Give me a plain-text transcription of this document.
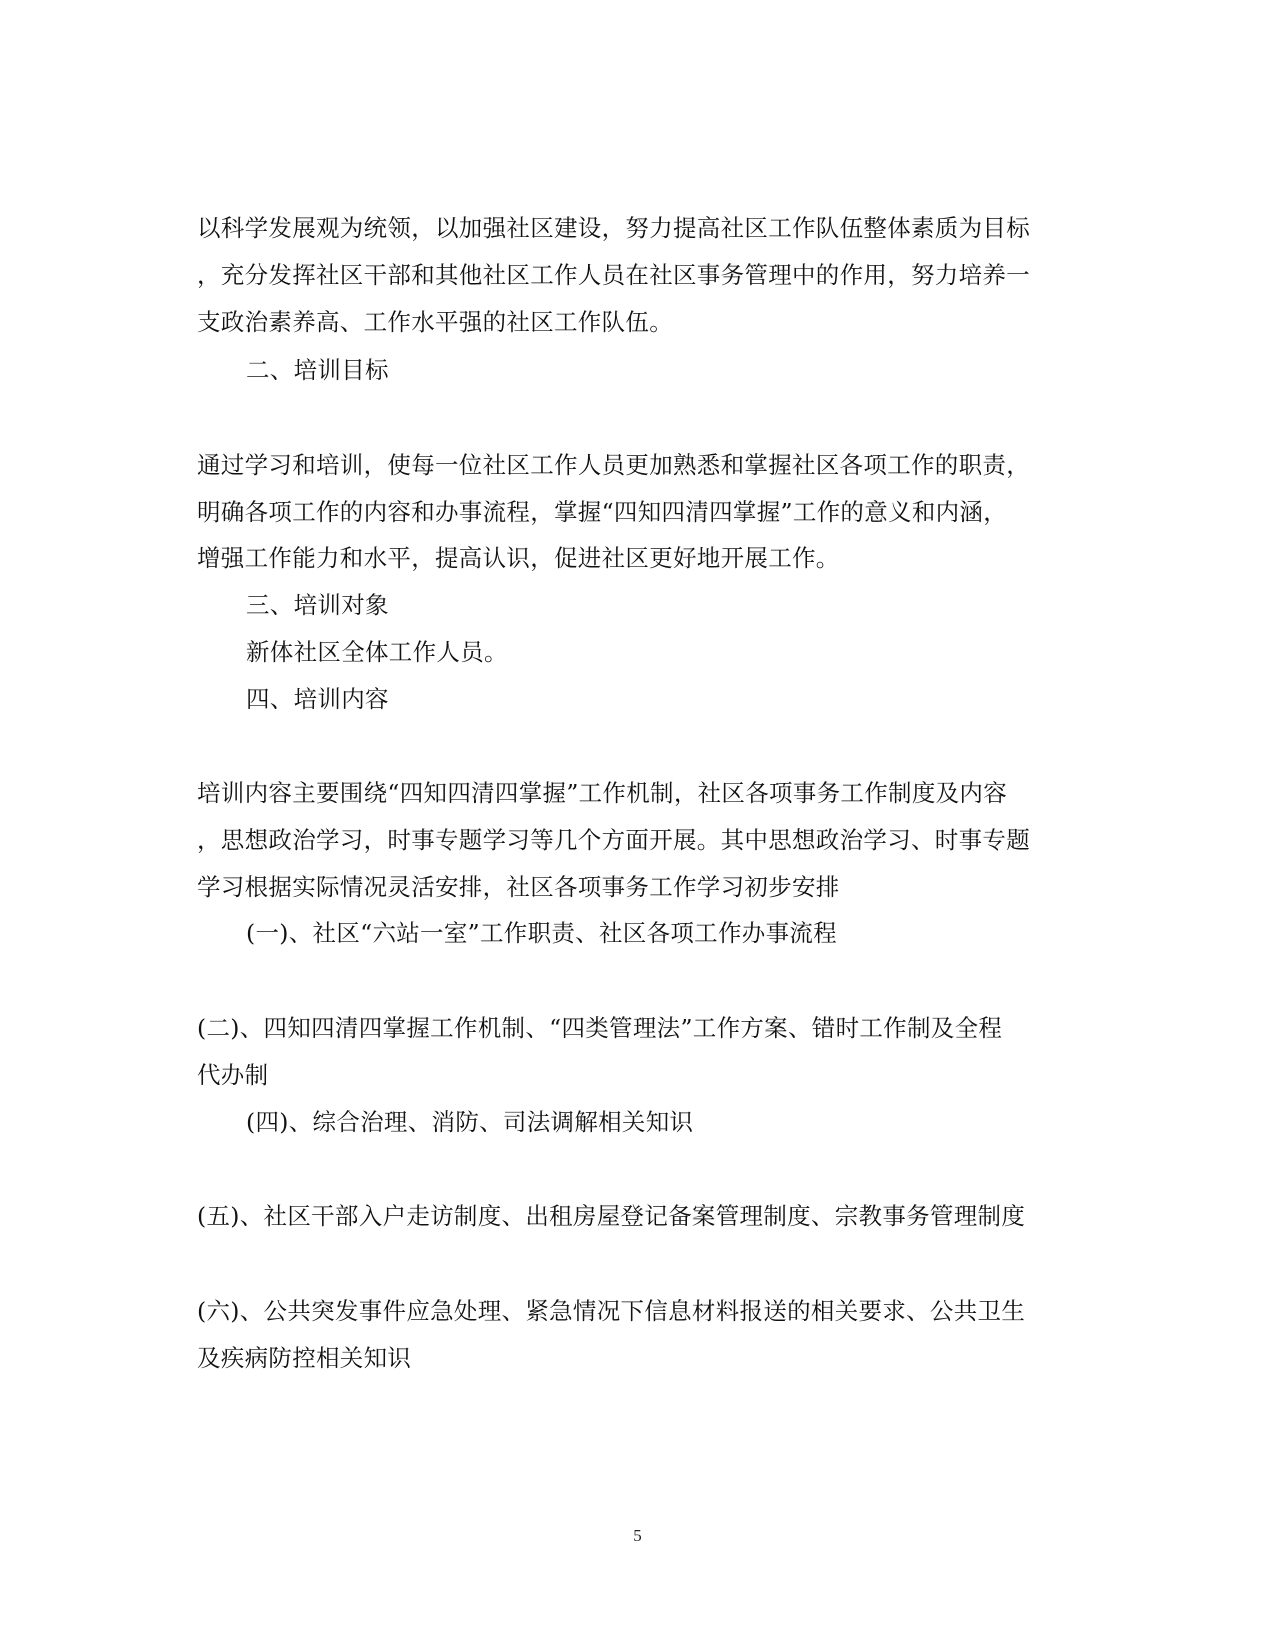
以科学发展观为统领，以加强社区建设，努力提高社区工作队伍整体素质为目标
，充分发挥社区干部和其他社区工作人员在社区事务管理中的作用，努力培养一
支政治素养高、工作水平强的社区工作队伍。
二、培训目标
通过学习和培训，使每一位社区工作人员更加熟悉和掌握社区各项工作的职责，
明确各项工作的内容和办事流程，掌握“四知四清四掌握”工作的意义和内涵，
增强工作能力和水平，提高认识，促进社区更好地开展工作。
三、培训对象
新体社区全体工作人员。
四、培训内容
培训内容主要围绕“四知四清四掌握”工作机制，社区各项事务工作制度及内容
，思想政治学习，时事专题学习等几个方面开展。其中思想政治学习、时事专题
学习根据实际情况灵活安排，社区各项事务工作学习初步安排
(一)、社区“六站一室”工作职责、社区各项工作办事流程
(二)、四知四清四掌握工作机制、“四类管理法”工作方案、错时工作制及全程
代办制
(四)、综合治理、消防、司法调解相关知识
(五)、社区干部入户走访制度、出租房屋登记备案管理制度、宗教事务管理制度
(六)、公共突发事件应急处理、紧急情况下信息材料报送的相关要求、公共卫生
及疾病防控相关知识
5
